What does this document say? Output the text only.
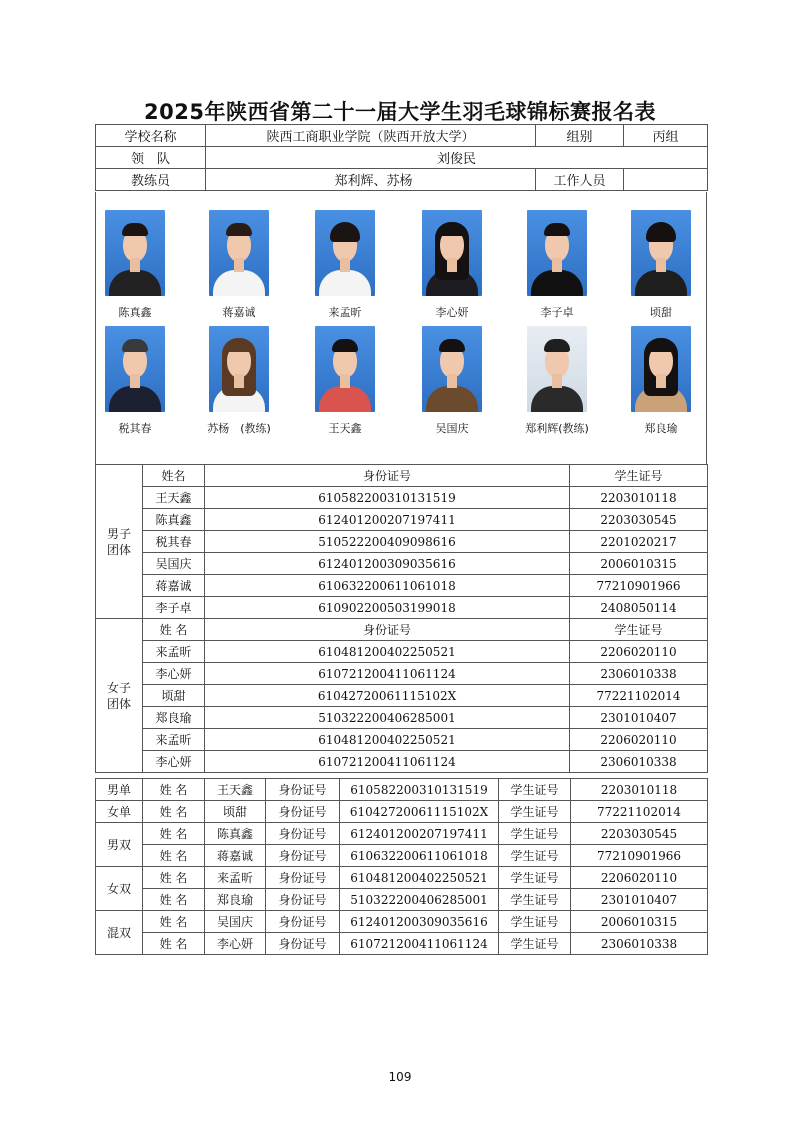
2025年陕西省第二十一届大学生羽毛球锦标赛报名表
学校名称	陕西工商职业学院（陕西开放大学）	组别	丙组
领　队	刘俊民		
教练员	郑利辉、苏杨	工作人员	
陈真鑫	蒋嘉诚	来孟昕	李心妍	李子卓	顷甜
税其春	苏杨　(教练)	王天鑫	吴国庆	郑利辉(教练)	郑良瑜
男子
团体	姓名	身份证号	学生证号
	王天鑫	610582200310131519	2203010118
	陈真鑫	612401200207197411	2203030545
	税其春	510522200409098616	2201020217
	吴国庆	612401200309035616	2006010315
	蒋嘉诚	610632200611061018	77210901966
	李子卓	610902200503199018	2408050114
女子
团体	姓 名	身份证号	学生证号
	来孟昕	610481200402250521	2206020110
	李心妍	610721200411061124	2306010338
	顷甜	61042720061115102X	77221102014
	郑良瑜	510322200406285001	2301010407
	来孟昕	610481200402250521	2206020110
	李心妍	610721200411061124	2306010338
男单	姓 名	王天鑫	身份证号	610582200310131519	学生证号	2203010118
女单	姓 名	顷甜	身份证号	61042720061115102X	学生证号	77221102014
男双	姓 名	陈真鑫	身份证号	612401200207197411	学生证号	2203030545
	姓 名	蒋嘉诚	身份证号	610632200611061018	学生证号	77210901966
女双	姓 名	来孟昕	身份证号	610481200402250521	学生证号	2206020110
	姓 名	郑良瑜	身份证号	510322200406285001	学生证号	2301010407
混双	姓 名	吴国庆	身份证号	612401200309035616	学生证号	2006010315
	姓 名	李心妍	身份证号	610721200411061124	学生证号	2306010338
109
